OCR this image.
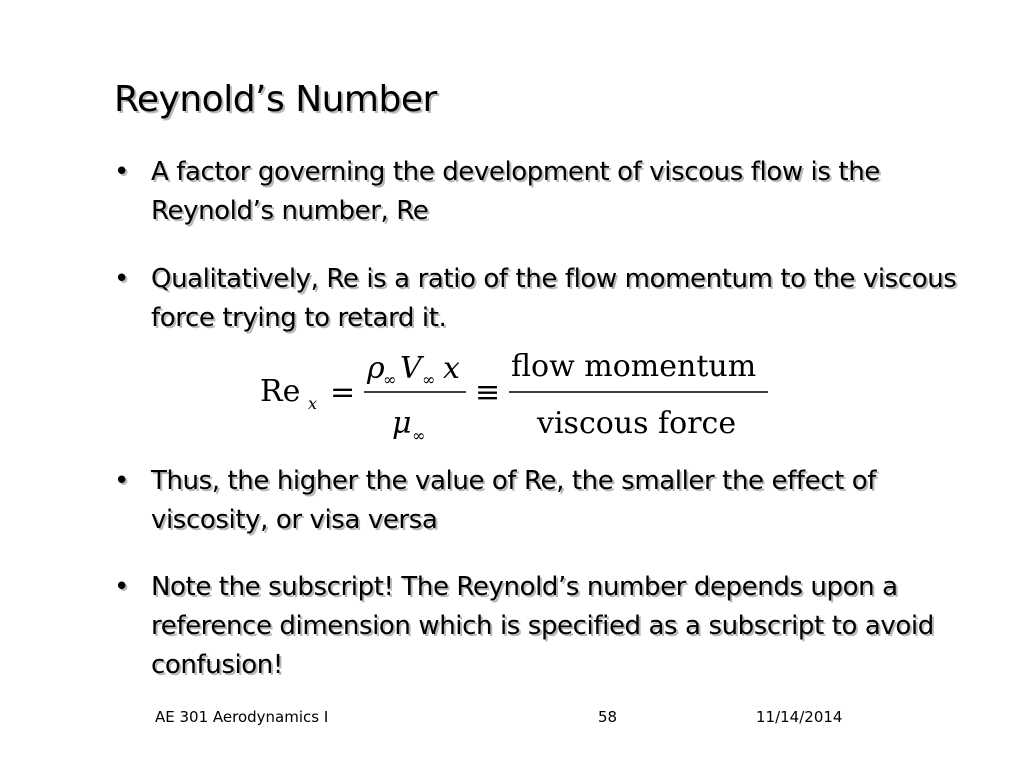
Reynold’s Number
• A factor governing the development of viscous flow is the Reynold’s number, Re
• Qualitatively, Re is a ratio of the flow momentum to the viscous force trying to retard it.
Re x =
ρ
∞ V ∞ x
μ ∞
≡
flow momentum
viscous force
• Thus, the higher the value of Re, the smaller the effect of viscosity, or visa versa
• Note the subscript! The Reynold’s number depends upon a reference dimension which is specified as a subscript to avoid confusion!
AE 301 Aerodynamics I	58	11/14/2014
